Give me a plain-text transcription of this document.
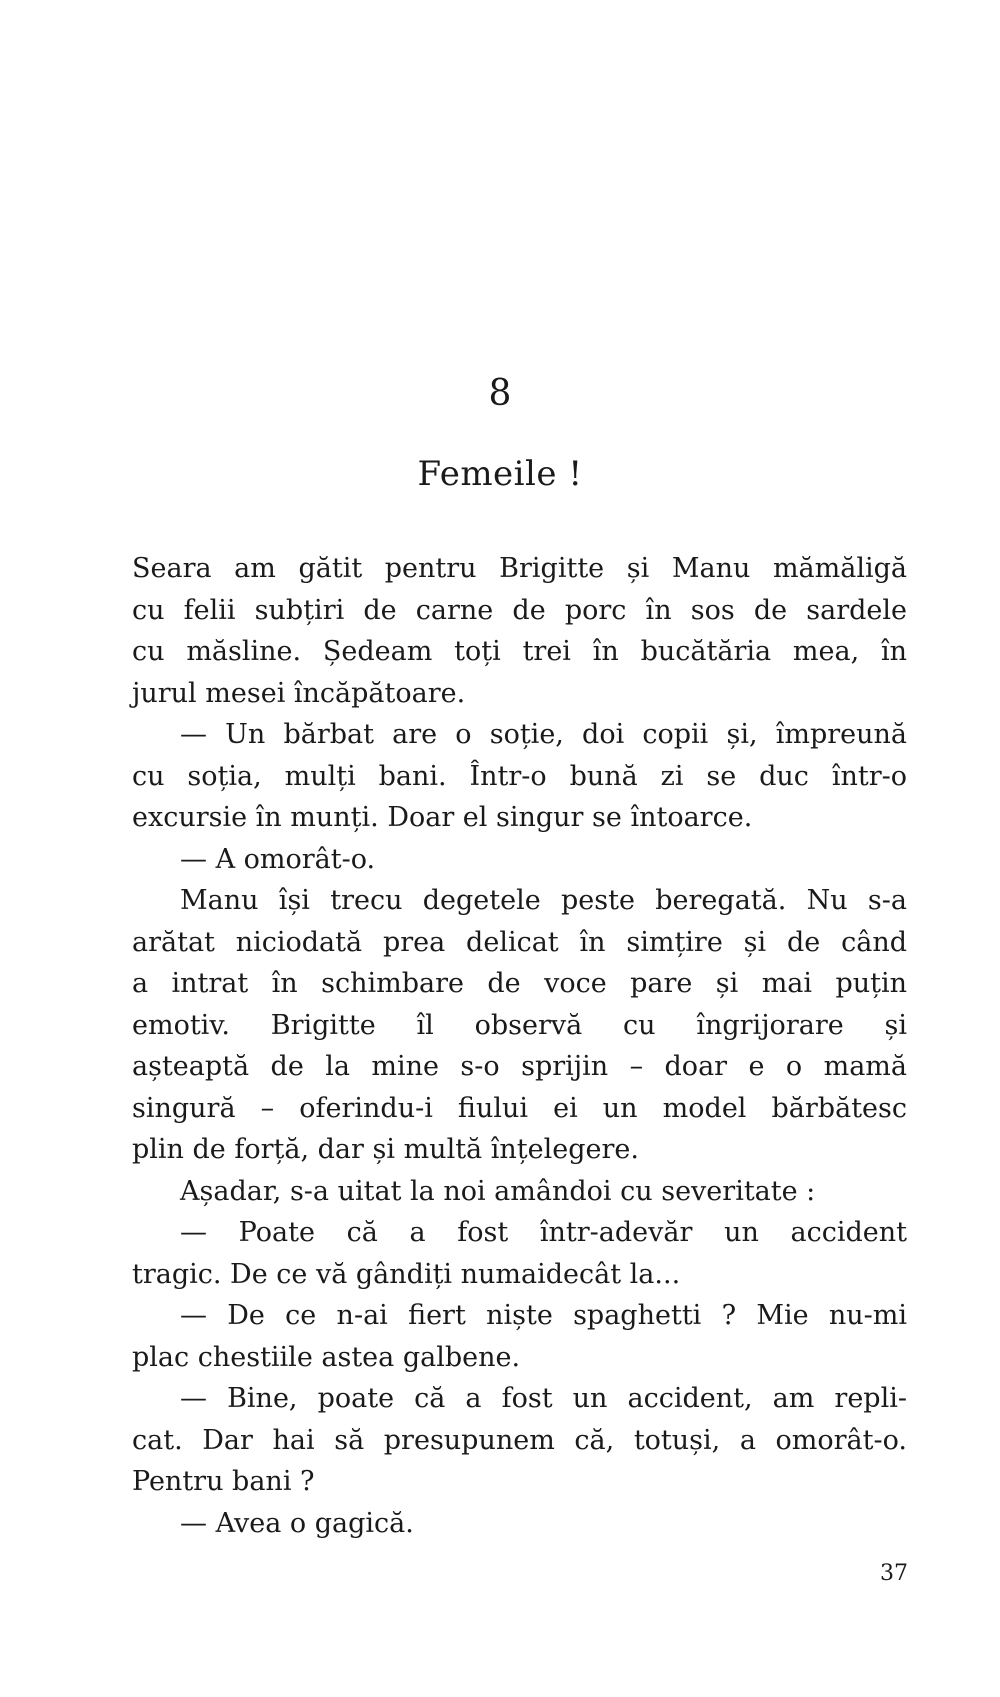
8
Femeile !
Seara am gătit pentru Brigitte și Manu mămăligă
cu felii subțiri de carne de porc în sos de sardele
cu măsline. Ședeam toți trei în bucătăria mea, în
jurul mesei încăpătoare.
— Un bărbat are o soție, doi copii și, împreună
cu soția, mulți bani. Într-o bună zi se duc într-o
excursie în munți. Doar el singur se întoarce.
— A omorât-o.
Manu își trecu degetele peste beregată. Nu s-a
arătat niciodată prea delicat în simțire și de când
a intrat în schimbare de voce pare și mai puțin
emotiv. Brigitte îl observă cu îngrijorare și
așteaptă de la mine s-o sprijin – doar e o mamă
singură – oferindu-i fiului ei un model bărbătesc
plin de forță, dar și multă înțelegere.
Așadar, s-a uitat la noi amândoi cu severitate :
— Poate că a fost într-adevăr un accident
tragic. De ce vă gândiți numaidecât la...
— De ce n-ai fiert niște spaghetti ? Mie nu-mi
plac chestiile astea galbene.
— Bine, poate că a fost un accident, am repli-
cat. Dar hai să presupunem că, totuși, a omorât-o.
Pentru bani ?
— Avea o gagică.
37
